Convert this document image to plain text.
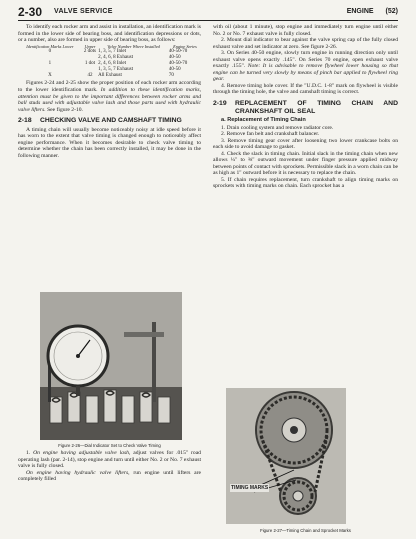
2-30 VALVE SERVICE	ENGINE (52)

To identify each rocker arm and assist in installation, an identification mark is formed in the lower side of bearing boss, and identification depressions or dots, or a number, also are formed in upper side of bearing boss, as follows:

Identification Marks Lower	Upper	Valve Number Where Installed	Engine Series
0	2 dots	1, 3, 5, 7 Inlet	40-50-70
		2, 4, 6, 8 Exhaust	40-50
1	1 dot	2, 4, 6, 8 Inlet	40-50-70
		1, 3, 5, 7 Exhaust	40-50
X	42	All Exhaust	70

Figures 2-24 and 2-25 show the proper position of each rocker arm according to the lower identification mark. In addition to these identification marks, attention must be given to the important differences between rocker arms and ball studs used with adjustable valve lash and those parts used with hydraulic valve lifters. See figure 2-10.

2-18	CHECKING VALVE AND CAMSHAFT TIMING

A timing chain will usually become noticeably noisy at idle speed before it has worn to the extent that valve timing is changed enough to noticeably affect engine performance. When it becomes desirable to check valve timing to determine whether the chain has been correctly installed, it may be done in the following manner.

Figure 2-26—Dial Indicator Set to Check Valve Timing

1. On engine having adjustable valve lash, adjust valves for .015" road operating lash (par. 2-14), stop engine and turn until either No. 2 or No. 7 exhaust valve is fully closed.

On engine having hydraulic valve lifters, run engine until lifters are completely filled

with oil (about 1 minute), stop engine and immediately turn engine until either No. 2 or No. 7 exhaust valve is fully closed.

2. Mount dial indicator to bear against the valve spring cap of the fully closed exhaust valve and set indicator at zero. See figure 2-26.

3. On Series 40-50 engine, slowly turn engine in running direction only until exhaust valve opens exactly .145". On Series 70 engine, open exhaust valve exactly .155". Note: It is advisable to remove flywheel lower housing so that engine can be turned very slowly by means of pinch bar applied to flywheel ring gear.

4. Remove timing hole cover. If the "U.D.C. 1-8" mark on flywheel is visible through the timing hole, the valve and camshaft timing is correct.

2-19	REPLACEMENT OF TIMING CHAIN AND CRANKSHAFT OIL SEAL
a. Replacement of Timing Chain

1. Drain cooling system and remove radiator core.

2. Remove fan belt and crankshaft balancer.

3. Remove timing gear cover after loosening two lower crankcase bolts on each side to avoid damage to gasket.

4. Check the slack in timing chain. Initial slack in the timing chain when new allows ¼" to ⅜" outward movement under finger pressure applied midway between points of contact with sprockets. Permissible slack in a worn chain can be as high as 1" outward before it is necessary to replace the chain.

5. If chain requires replacement, turn crankshaft to align timing marks on sprockets with timing marks on chain. Each sprocket has a

TIMING MARKS
Figure 2-27—Timing Chain and Sprocket Marks
